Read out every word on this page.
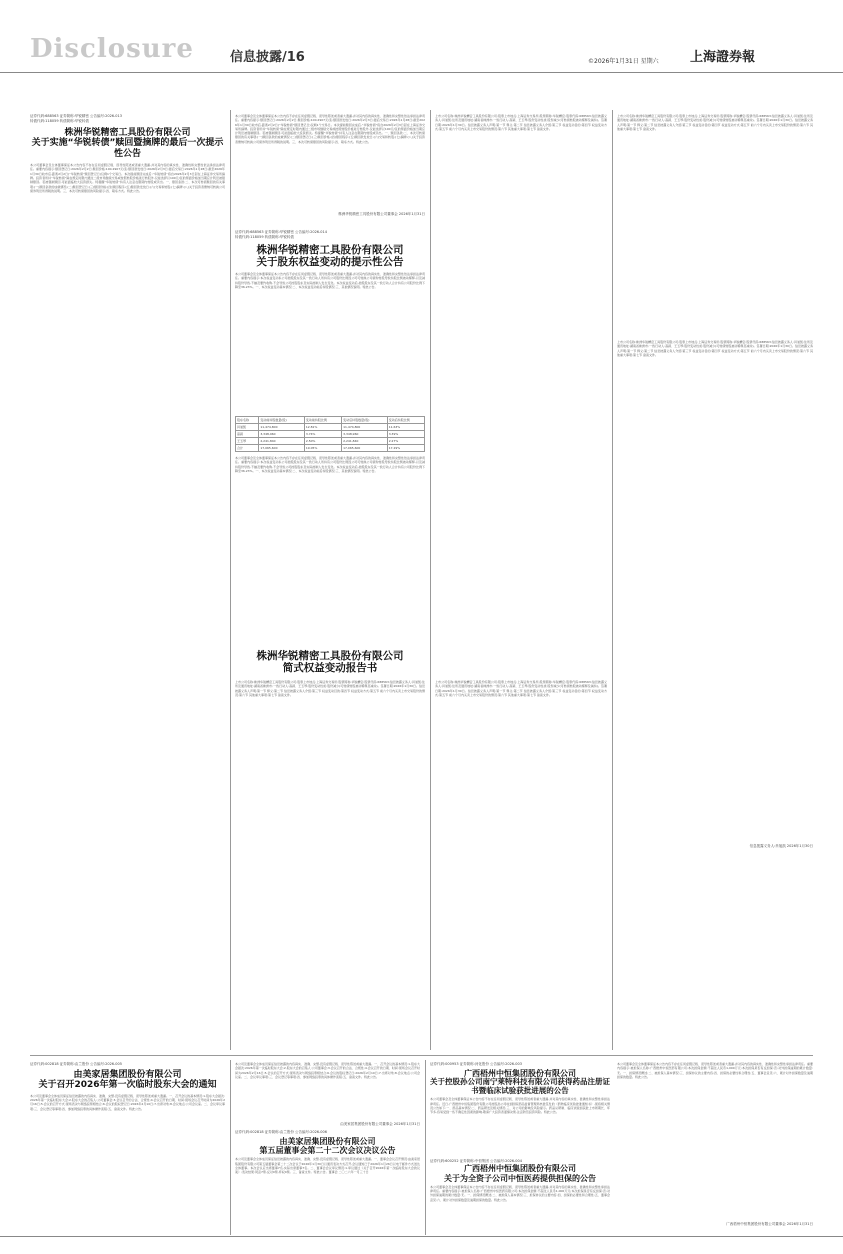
Disclosure	信息披露/16	©2026年1月31日 星期六 上海證券報
证券代码:688563 证券简称:华锐精密 公告编号:2026-013
转债代码:118059 转债简称:华锐转债
株洲华锐精密工具股份有限公司
关于实施“华锐转债”赎回暨摘牌的最后一次提示性公告
本公司董事会及全体董事保证本公告内容不存在任何虚假记载、误导性陈述或者重大遗漏,并对其内容的真实性、准确性和完整性依法承担法律责任。重要内容提示:赎回登记日:2026年2月2日;赎回价格:100.2907元/张;赎回款发放日:2026年2月3日;最后交易日:2026年1月28日;截至2026年1月30日收市后,距离2月2日(“华锐转债”赎回登记日)仅剩1个交易日。本次提前赎回完成后,“华锐转债”将自2026年2月3日起在上海证券交易所摘牌。投资者所持“华锐转债”除在规定时限内通过二级市场继续交易或按照转股价格进行转股外,仅能选择以100元/张的票面价格加当期应计利息被强制赎回。若被强制赎回,可能面临较大投资损失。特提醒“华锐转债”持有人注意在限期内转股或卖出。一、赎回条款;二、本次可转债赎回的有关事项;(一)赎回条款的成就情况;(二)赎回登记日;(三)赎回价格;(四)赎回程序;(五)赎回款发放日;(六)交易和转股;(七)摘牌;(八)关于投资者缴纳可转换公司债券利息所得税的说明。三、本次可转债赎回的风险提示;四、联系方式。特此公告。
本公司董事会及全体董事保证本公告内容不存在任何虚假记载、误导性陈述或者重大遗漏,并对其内容的真实性、准确性和完整性依法承担法律责任。重要内容提示:赎回登记日:2026年2月2日;赎回价格:100.2907元/张;赎回款发放日:2026年2月3日;最后交易日:2026年1月28日;截至2026年1月30日收市后,距离2月2日(“华锐转债”赎回登记日)仅剩1个交易日。本次提前赎回完成后,“华锐转债”将自2026年2月3日起在上海证券交易所摘牌。投资者所持“华锐转债”除在规定时限内通过二级市场继续交易或按照转股价格进行转股外,仅能选择以100元/张的票面价格加当期应计利息被强制赎回。若被强制赎回,可能面临较大投资损失。特提醒“华锐转债”持有人注意在限期内转股或卖出。一、赎回条款;二、本次可转债赎回的有关事项;(一)赎回条款的成就情况;(二)赎回登记日;(三)赎回价格;(四)赎回程序;(五)赎回款发放日;(六)交易和转股;(七)摘牌;(八)关于投资者缴纳可转换公司债券利息所得税的说明。三、本次可转债赎回的风险提示;四、联系方式。特此公告。
株洲华锐精密工具股份有限公司董事会 2026年1月31日
证券代码:688563 证券简称:华锐精密 公告编号:2026-014
转债代码:118059 转债简称:华锐转债
株洲华锐精密工具股份有限公司
关于股东权益变动的提示性公告
本公司董事会及全体董事保证本公告内容不存在任何虚假记载、误导性陈述或者重大遗漏,并对其内容的真实性、准确性和完整性依法承担法律责任。重要内容提示:本次权益变动系公司控股股东及其一致行动人所持有公司股份比例因公司可转换公司债券转股导致持股比例被动稀释,以及减持股份导致,不触及要约收购,不会导致公司控股股东及实际控制人发生变化。本次权益变动后,控股股东及其一致行动人合计持有公司股份比例下降至36.23%。一、本次权益变动基本情况;二、本次权益变动前后持股情况;三、其他情况说明。特此公告。
股东名称	变动前持股数量(股)	变动前持股比例	变动后持股数量(股)	变动后持股比例
肖旭凯	11,474,800	12.81%	11,474,800	11.63%
高颖	3,348,960	3.74%	3,348,960	3.39%
王玉琴	2,241,840	2.50%	2,241,840	2.27%
合计	17,065,600	19.05%	17,065,600	17.29%
本公司董事会及全体董事保证本公告内容不存在任何虚假记载、误导性陈述或者重大遗漏,并对其内容的真实性、准确性和完整性依法承担法律责任。重要内容提示:本次权益变动系公司控股股东及其一致行动人所持有公司股份比例因公司可转换公司债券转股导致持股比例被动稀释,以及减持股份导致,不触及要约收购,不会导致公司控股股东及实际控制人发生变化。本次权益变动后,控股股东及其一致行动人合计持有公司股份比例下降至36.23%。一、本次权益变动基本情况;二、本次权益变动前后持股情况;三、其他情况说明。特此公告。
株洲华锐精密工具股份有限公司
简式权益变动报告书
上市公司名称:株洲华锐精密工具股份有限公司;股票上市地点:上海证券交易所;股票简称:华锐精密;股票代码:688563;信息披露义务人:肖旭凯;住所及通讯地址:湖南省株洲市;一致行动人:高颖、王玉琴;股份变动性质:股份减少(可转债转股被动稀释及减持)。签署日期:2026年1月30日。信息披露义务人声明;第一节 释义;第二节 信息披露义务人介绍;第三节 权益变动目的;第四节 权益变动方式;第五节 前六个月内买卖上市交易股份的情况;第六节 其他重大事项;第七节 备查文件。
上市公司名称:株洲华锐精密工具股份有限公司;股票上市地点:上海证券交易所;股票简称:华锐精密;股票代码:688563;信息披露义务人:肖旭凯;住所及通讯地址:湖南省株洲市;一致行动人:高颖、王玉琴;股份变动性质:股份减少(可转债转股被动稀释及减持)。签署日期:2026年1月30日。信息披露义务人声明;第一节 释义;第二节 信息披露义务人介绍;第三节 权益变动目的;第四节 权益变动方式;第五节 前六个月内买卖上市交易股份的情况;第六节 其他重大事项;第七节 备查文件。
上市公司名称:株洲华锐精密工具股份有限公司;股票上市地点:上海证券交易所;股票简称:华锐精密;股票代码:688563;信息披露义务人:肖旭凯;住所及通讯地址:湖南省株洲市;一致行动人:高颖、王玉琴;股份变动性质:股份减少(可转债转股被动稀释及减持)。签署日期:2026年1月30日。信息披露义务人声明;第一节 释义;第二节 信息披露义务人介绍;第三节 权益变动目的;第四节 权益变动方式;第五节 前六个月内买卖上市交易股份的情况;第六节 其他重大事项;第七节 备查文件。
上市公司名称:株洲华锐精密工具股份有限公司;股票上市地点:上海证券交易所;股票简称:华锐精密;股票代码:688563;信息披露义务人:肖旭凯;住所及通讯地址:湖南省株洲市;一致行动人:高颖、王玉琴;股份变动性质:股份减少(可转债转股被动稀释及减持)。签署日期:2026年1月30日。信息披露义务人声明;第一节 释义;第二节 信息披露义务人介绍;第三节 权益变动目的;第四节 权益变动方式;第五节 前六个月内买卖上市交易股份的情况;第六节 其他重大事项;第七节 备查文件。
上市公司名称:株洲华锐精密工具股份有限公司;股票上市地点:上海证券交易所;股票简称:华锐精密;股票代码:688563;信息披露义务人:肖旭凯;住所及通讯地址:湖南省株洲市;一致行动人:高颖、王玉琴;股份变动性质:股份减少(可转债转股被动稀释及减持)。签署日期:2026年1月30日。信息披露义务人声明;第一节 释义;第二节 信息披露义务人介绍;第三节 权益变动目的;第四节 权益变动方式;第五节 前六个月内买卖上市交易股份的情况;第六节 其他重大事项;第七节 备查文件。
信息披露义务人:肖旭凯 2026年1月30日
证券代码:002818 证券简称:由兰股份 公告编号:2026-005
由美家居集团股份有限公司
关于召开2026年第一次临时股东大会的通知
本公司及董事会全体成员保证信息披露的内容真实、准确、完整,没有虚假记载、误导性陈述或重大遗漏。一、召开会议的基本情况:1.股东大会届次:2026年第一次临时股东大会;2.股东大会的召集人:公司董事会;3.会议召开的合法、合规性;4.会议召开的日期、时间:现场会议召开时间为2026年2月16日;5.会议的召开方式:现场表决与网络投票相结合;6.会议的股权登记日:2026年2月10日;7.出席对象;8.会议地点:公司会议室。二、会议审议事项;三、会议登记等事项;四、参加网络投票的具体操作流程;五、备查文件。特此公告。
本公司及董事会全体成员保证信息披露的内容真实、准确、完整,没有虚假记载、误导性陈述或重大遗漏。一、召开会议的基本情况:1.股东大会届次:2026年第一次临时股东大会;2.股东大会的召集人:公司董事会;3.会议召开的合法、合规性;4.会议召开的日期、时间:现场会议召开时间为2026年2月16日;5.会议的召开方式:现场表决与网络投票相结合;6.会议的股权登记日:2026年2月10日;7.出席对象;8.会议地点:公司会议室。二、会议审议事项;三、会议登记等事项;四、参加网络投票的具体操作流程;五、备查文件。特此公告。
由美家居集团股份有限公司董事会 2026年1月31日
证券代码:002818 证券简称:由兰股份 公告编号:2026-006
由美家居集团股份有限公司
第五届董事会第二十二次会议决议公告
本公司及董事会全体成员保证信息披露的内容真实、准确、完整,没有虚假记载、误导性陈述或重大遗漏。一、董事会会议召开情况:由美家居集团股份有限公司第五届董事会第二十二次会议于2026年1月30日以通讯表决方式召开,会议通知已于2026年1月26日以电子邮件方式送达全体董事。本次会议应出席董事7名,实际出席董事7名。二、董事会会议审议情况:1.审议通过《关于召开2026年第一次临时股东大会的议案》;表决结果:同意7票,反对0票,弃权0票。三、备查文件。特此公告。董事会 二〇二六年一月三十日
证券代码:000953 证券简称:河化股份 公告编号:2026-003
广西梧州中恒集团股份有限公司
关于控股孙公司南宁莱特科技有限公司获得药品注册证书暨临床试验获批进展的公告
本公司董事会及全体董事保证本公告内容不存在任何虚假记载、误导性陈述或者重大遗漏,并对其内容的真实性、准确性和完整性承担法律责任。近日,广西梧州中恒集团股份有限公司控股孙公司收到国家药品监督管理局核准签发的《药物临床试验批准通知书》,现将相关情况公告如下:一、药品基本情况;二、药品研发及相关情况;三、对公司的影响及风险提示。药品从研制、临床试验到获批上市周期长、环节多,容易受到一些不确定性因素的影响,敬请广大投资者谨慎决策,注意防范投资风险。特此公告。
证券代码:600252 证券简称:中恒集团 公告编号:2026-004
广西梧州中恒集团股份有限公司
关于为全资子公司中恒医药提供担保的公告
本公司董事会及全体董事保证本公告内容不存在任何虚假记载、误导性陈述或者重大遗漏,并对其内容的真实性、准确性和完整性承担法律责任。重要内容提示:被担保人名称:广西梧州中恒医药有限公司;本次担保金额:不超过人民币1,000万元;本次担保是否有反担保:否;对外担保逾期的累计数量:无。一、担保情况概述;二、被担保人基本情况;三、担保协议的主要内容;四、担保的必要性和合理性;五、董事会意见;六、累计对外担保数量及逾期担保的数量。特此公告。
本公司董事会及全体董事保证本公告内容不存在任何虚假记载、误导性陈述或者重大遗漏,并对其内容的真实性、准确性和完整性承担法律责任。重要内容提示:被担保人名称:广西梧州中恒医药有限公司;本次担保金额:不超过人民币1,000万元;本次担保是否有反担保:否;对外担保逾期的累计数量:无。一、担保情况概述;二、被担保人基本情况;三、担保协议的主要内容;四、担保的必要性和合理性;五、董事会意见;六、累计对外担保数量及逾期担保的数量。特此公告。
广西梧州中恒集团股份有限公司董事会 2026年1月31日
